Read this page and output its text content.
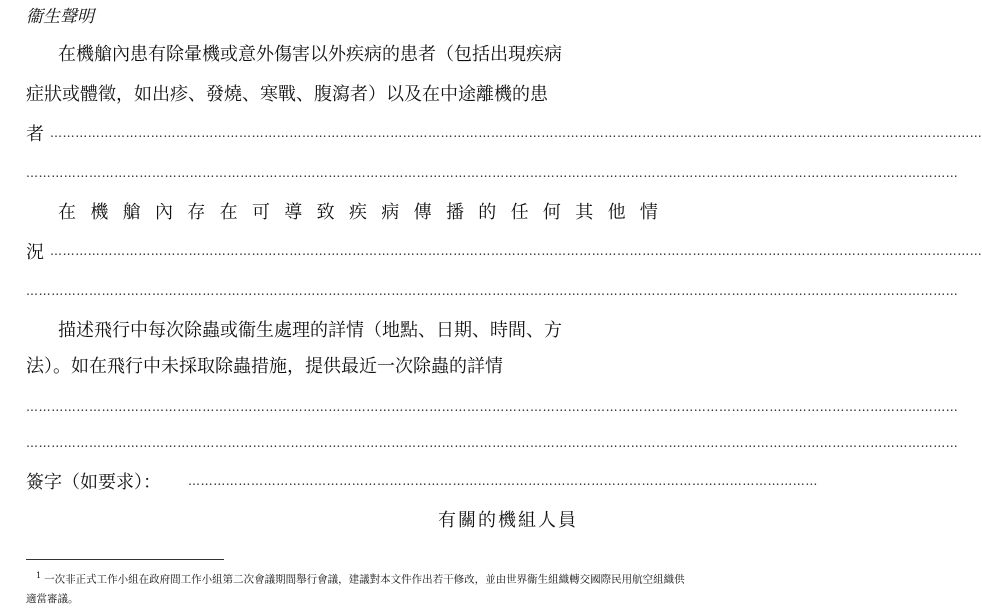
衞生聲明
在機艙內患有除暈機或意外傷害以外疾病的患者（包括出現疾病
症狀或體徵，如出疹、發燒、寒戰、腹瀉者）以及在中途離機的患
者 ……………………………………………………………………………………………………………………………………………………………………………………………………
……………………………………………………………………………………………………………………………………………………………………………………………………
在 機 艙 內 存 在 可 導 致 疾 病 傳 播 的 任 何 其 他 情
況 ……………………………………………………………………………………………………………………………………………………………………………………………………
……………………………………………………………………………………………………………………………………………………………………………………………………
描述飛行中每次除蟲或衞生處理的詳情（地點、日期、時間、方
法）。如在飛行中未採取除蟲措施，提供最近一次除蟲的詳情
……………………………………………………………………………………………………………………………………………………………………………………………………
……………………………………………………………………………………………………………………………………………………………………………………………………
簽字（如要求）： ……………………………………………………………………………………………………………………………………
有關的機組人員
$^1$ 一次非正式工作小組在政府間工作小組第二次會議期間舉行會議，建議對本文件作出若干修改，並由世界衞生組織轉交國際民用航空組織供適當審議。
